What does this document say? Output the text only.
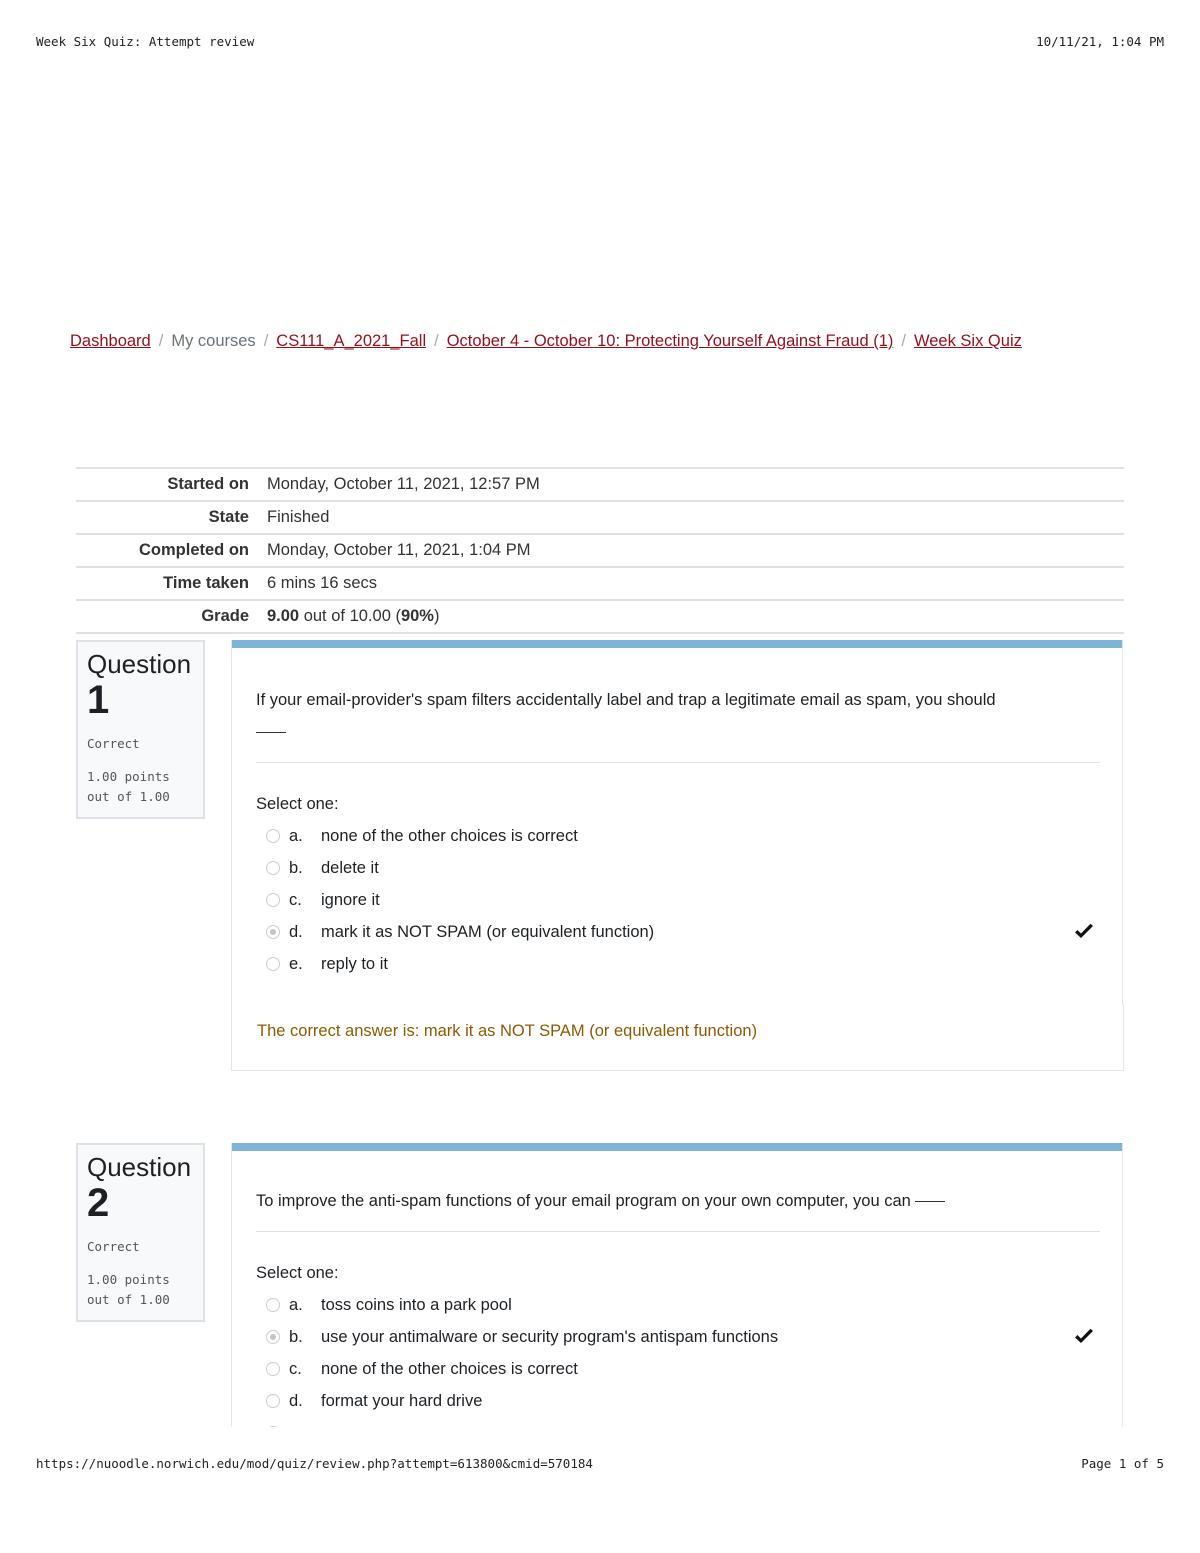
Week Six Quiz: Attempt review	10/11/21, 1:04 PM
Dashboard / My courses / CS111_A_2021_Fall / October 4 - October 10: Protecting Yourself Against Fraud (1) / Week Six Quiz
Started on	Monday, October 11, 2021, 12:57 PM
State	Finished
Completed on	Monday, October 11, 2021, 1:04 PM
Time taken	6 mins 16 secs
Grade	9.00 out of 10.00 (90%)
Question
1
Correct
1.00 points out of 1.00
If your email-provider's spam filters accidentally label and trap a legitimate email as spam, you should

Select one:
a.	none of the other choices is correct
b.	delete it
c.	ignore it
d.	mark it as NOT SPAM (or equivalent function)
e.	reply to it
The correct answer is: mark it as NOT SPAM (or equivalent function)
Question
2
Correct
1.00 points out of 1.00
To improve the anti-spam functions of your email program on your own computer, you can
Select one:
a.	toss coins into a park pool
b.	use your antimalware or security program's antispam functions
c.	none of the other choices is correct
d.	format your hard drive
https://nuoodle.norwich.edu/mod/quiz/review.php?attempt=613800&cmid=570184	Page 1 of 5
